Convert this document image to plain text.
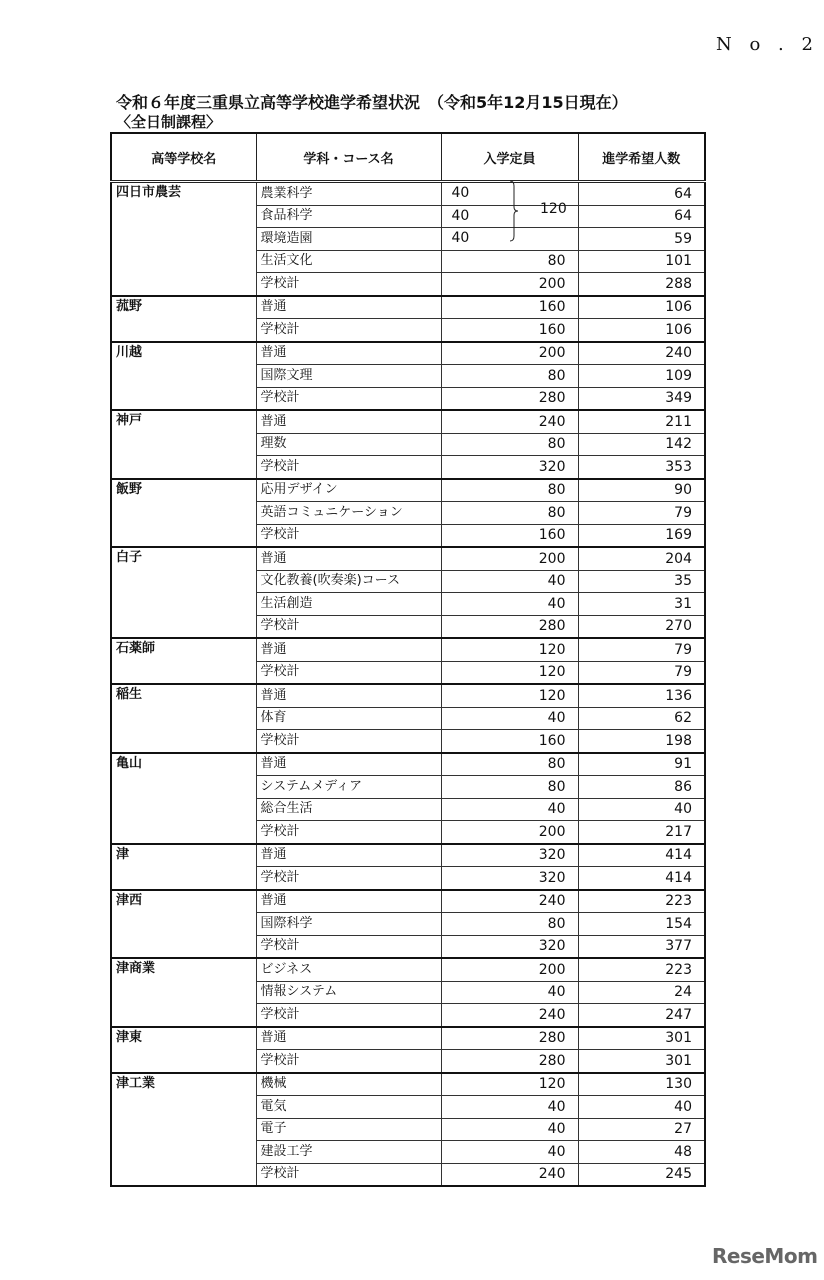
N o . 2
令和６年度三重県立高等学校進学希望状況　（令和5年12月15日現在）
〈全日制課程〉
高等学校名	学科・コース名	入学定員	進学希望人数
四日市農芸	農業科学	40	64
	食品科学	40	64
	環境造園	40	59
	生活文化	80	101
	学校計	200	288
菰野	普通	160	106
	学校計	160	106
川越	普通	200	240
	国際文理	80	109
	学校計	280	349
神戸	普通	240	211
	理数	80	142
	学校計	320	353
飯野	応用デザイン	80	90
	英語コミュニケーション	80	79
	学校計	160	169
白子	普通	200	204
	文化教養(吹奏楽)コース	40	35
	生活創造	40	31
	学校計	280	270
石薬師	普通	120	79
	学校計	120	79
稲生	普通	120	136
	体育	40	62
	学校計	160	198
亀山	普通	80	91
	システムメディア	80	86
	総合生活	40	40
	学校計	200	217
津	普通	320	414
	学校計	320	414
津西	普通	240	223
	国際科学	80	154
	学校計	320	377
津商業	ビジネス	200	223
	情報システム	40	24
	学校計	240	247
津東	普通	280	301
	学校計	280	301
津工業	機械	120	130
	電気	40	40
	電子	40	27
	建設工学	40	48
	学校計	240	245
120
ReseMom
